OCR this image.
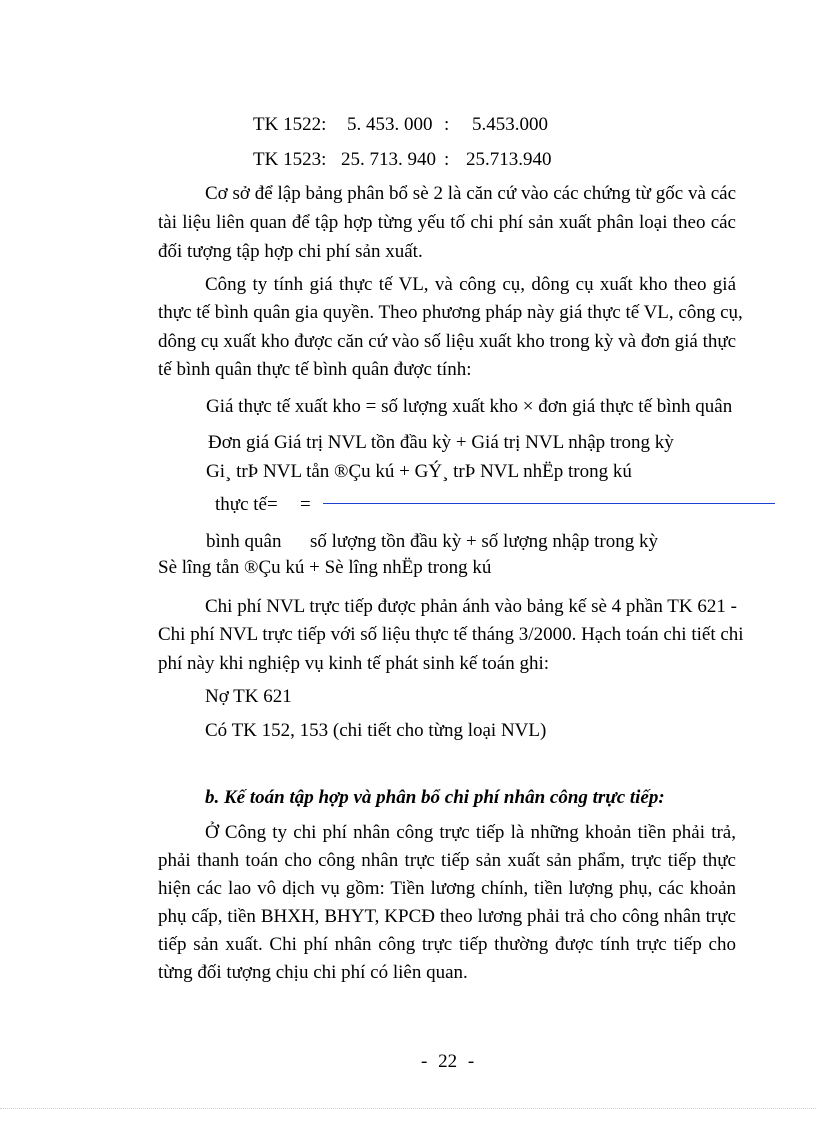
TK 1522: 5. 453. 000 : 5.453.000
TK 1523: 25. 713. 940 : 25.713.940
Cơ sở để lập bảng phân bổ sè 2 là căn cứ vào các chứng từ gốc và các
tài liệu liên quan để tập hợp từng yếu tố chi phí sản xuất phân loại theo các
đối tượng tập hợp chi phí sản xuất.
Công ty tính giá thực tế VL, và công cụ, dông cụ xuất kho theo giá
thực tế bình quân gia quyền. Theo phương pháp này giá thực tế VL, công cụ,
dông cụ xuất kho được căn cứ vào số liệu xuất kho trong kỳ và đơn giá thực
tế bình quân thực tế bình quân được tính:
Giá thực tế xuất kho = số lượng xuất kho × đơn giá thực tế bình quân
Đơn giá Giá trị NVL tồn đầu kỳ + Giá trị NVL nhập trong kỳ
Gi¸ trÞ NVL tån ®Çu kú + GÝ¸ trÞ NVL nhËp trong kú
thực tế= =
bình quân      số lượng tồn đầu kỳ + số lượng nhập trong kỳ
Sè lîng tån ®Çu kú + Sè lîng nhËp trong kú
Chi phí NVL trực tiếp được phản ánh vào bảng kế sè 4 phần TK 621 -
Chi phí NVL trực tiếp với số liệu thực tế tháng 3/2000. Hạch toán chi tiết chi
phí này khi nghiệp vụ kinh tế phát sinh kế toán ghi:
Nợ TK 621
Có TK 152, 153 (chi tiết cho từng loại NVL)
b. Kế toán tập hợp và phân bổ chi phí nhân công trực tiếp:
Ở Công ty chi phí nhân công trực tiếp là những khoản tiền phải trả,
phải thanh toán cho công nhân trực tiếp sản xuất sản phẩm, trực tiếp thực
hiện các lao vô dịch vụ gồm: Tiền lương chính, tiền lượng phụ, các khoản
phụ cấp, tiền BHXH, BHYT, KPCĐ theo lương phải trả cho công nhân trực
tiếp sản xuất. Chi phí nhân công trực tiếp thường được tính trực tiếp cho
từng đối tượng chịu chi phí có liên quan.
- 22 -
